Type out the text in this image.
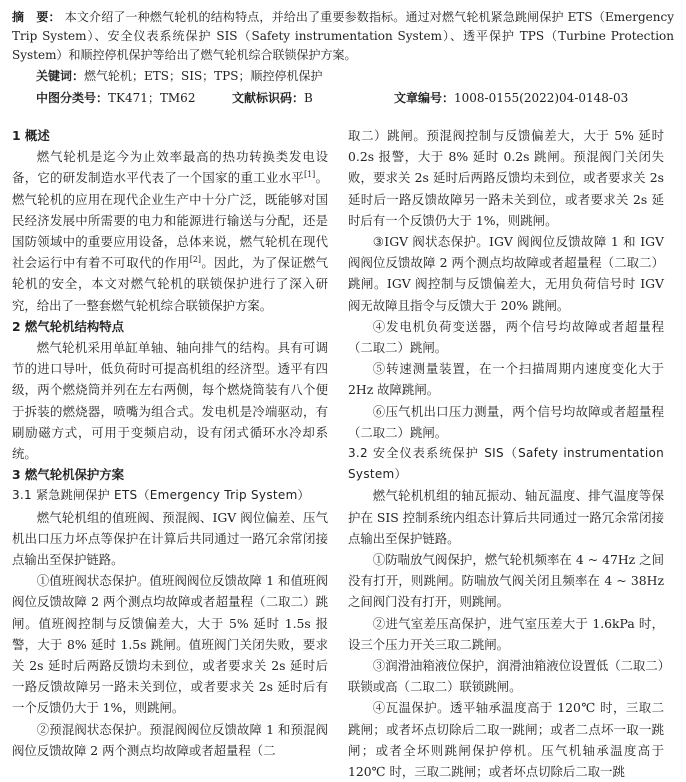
摘　要： 本文介绍了一种燃气轮机的结构特点，并给出了重要参数指标。通过对燃气轮机紧急跳闸保护 ETS（Emergency Trip System）、安全仪表系统保护 SIS（Safety instrumentation System）、透平保护 TPS（Turbine Protection System）和顺控停机保护等给出了燃气轮机综合联锁保护方案。
关键词：燃气轮机；ETS；SIS；TPS；顺控停机保护
中图分类号：TK471；TM62	文献标识码：B	文章编号：1008-0155(2022)04-0148-03

1 概述

燃气轮机是迄今为止效率最高的热功转换类发电设备，它的研发制造水平代表了一个国家的重工业水平[1]。燃气轮机的应用在现代企业生产中十分广泛，既能够对国民经济发展中所需要的电力和能源进行输送与分配，还是国防领域中的重要应用设备，总体来说，燃气轮机在现代社会运行中有着不可取代的作用[2]。因此，为了保证燃气轮机的安全，本文对燃气轮机的联锁保护进行了深入研究，给出了一整套燃气轮机综合联锁保护方案。

2 燃气轮机结构特点

燃气轮机采用单缸单轴、轴向排气的结构。具有可调节的进口导叶，低负荷时可提高机组的经济型。透平有四级，两个燃烧筒并列在左右两侧，每个燃烧筒装有八个便于拆装的燃烧器，喷嘴为组合式。发电机是冷端驱动，有刷励磁方式，可用于变频启动，设有闭式循环水冷却系统。

3 燃气轮机保护方案

3.1 紧急跳闸保护 ETS（Emergency Trip System）

燃气轮机组的值班阀、预混阀、IGV 阀位偏差、压气机出口压力坏点等保护在计算后共同通过一路冗余常闭接点输出至保护链路。

①值班阀状态保护。值班阀阀位反馈故障 1 和值班阀阀位反馈故障 2 两个测点均故障或者超量程（二取二）跳闸。值班阀控制与反馈偏差大，大于 5% 延时 1.5s 报警，大于 8% 延时 1.5s 跳闸。值班阀门关闭失败，要求关 2s 延时后两路反馈均未到位，或者要求关 2s 延时后一路反馈故障另一路未关到位，或者要求关 2s 延时后有一个反馈仍大于 1%，则跳闸。

②预混阀状态保护。预混阀阀位反馈故障 1 和预混阀阀位反馈故障 2 两个测点均故障或者超量程（二

取二）跳闸。预混阀控制与反馈偏差大，大于 5% 延时 0.2s 报警，大于 8% 延时 0.2s 跳闸。预混阀门关闭失败，要求关 2s 延时后两路反馈均未到位，或者要求关 2s 延时后一路反馈故障另一路未关到位，或者要求关 2s 延时后有一个反馈仍大于 1%，则跳闸。

③IGV 阀状态保护。IGV 阀阀位反馈故障 1 和 IGV 阀阀位反馈故障 2 两个测点均故障或者超量程（二取二）跳闸。IGV 阀控制与反馈偏差大，无用负荷信号时 IGV 阀无故障且指令与反馈大于 20% 跳闸。

④发电机负荷变送器，两个信号均故障或者超量程（二取二）跳闸。

⑤转速测量装置，在一个扫描周期内速度变化大于 2Hz 故障跳闸。

⑥压气机出口压力测量，两个信号均故障或者超量程（二取二）跳闸。

3.2 安全仪表系统保护 SIS（Safety instrumentation System）

燃气轮机机组的轴瓦振动、轴瓦温度、排气温度等保护在 SIS 控制系统内组态计算后共同通过一路冗余常闭接点输出至保护链路。

①防喘放气阀保护，燃气轮机频率在 4 ~ 47Hz 之间没有打开，则跳闸。防喘放气阀关闭且频率在 4 ~ 38Hz 之间阀门没有打开，则跳闸。

②进气室差压高保护，进气室压差大于 1.6kPa 时，设三个压力开关三取二跳闸。

③润滑油箱液位保护，润滑油箱液位设置低（二取二）联锁或高（二取二）联锁跳闸。

④瓦温保护。透平轴承温度高于 120℃ 时，三取二跳闸；或者坏点切除后二取一跳闸；或者二点坏一取一跳闸；或者全坏则跳闸保护停机。压气机轴承温度高于 120℃ 时，三取二跳闸；或者坏点切除后二取一跳
